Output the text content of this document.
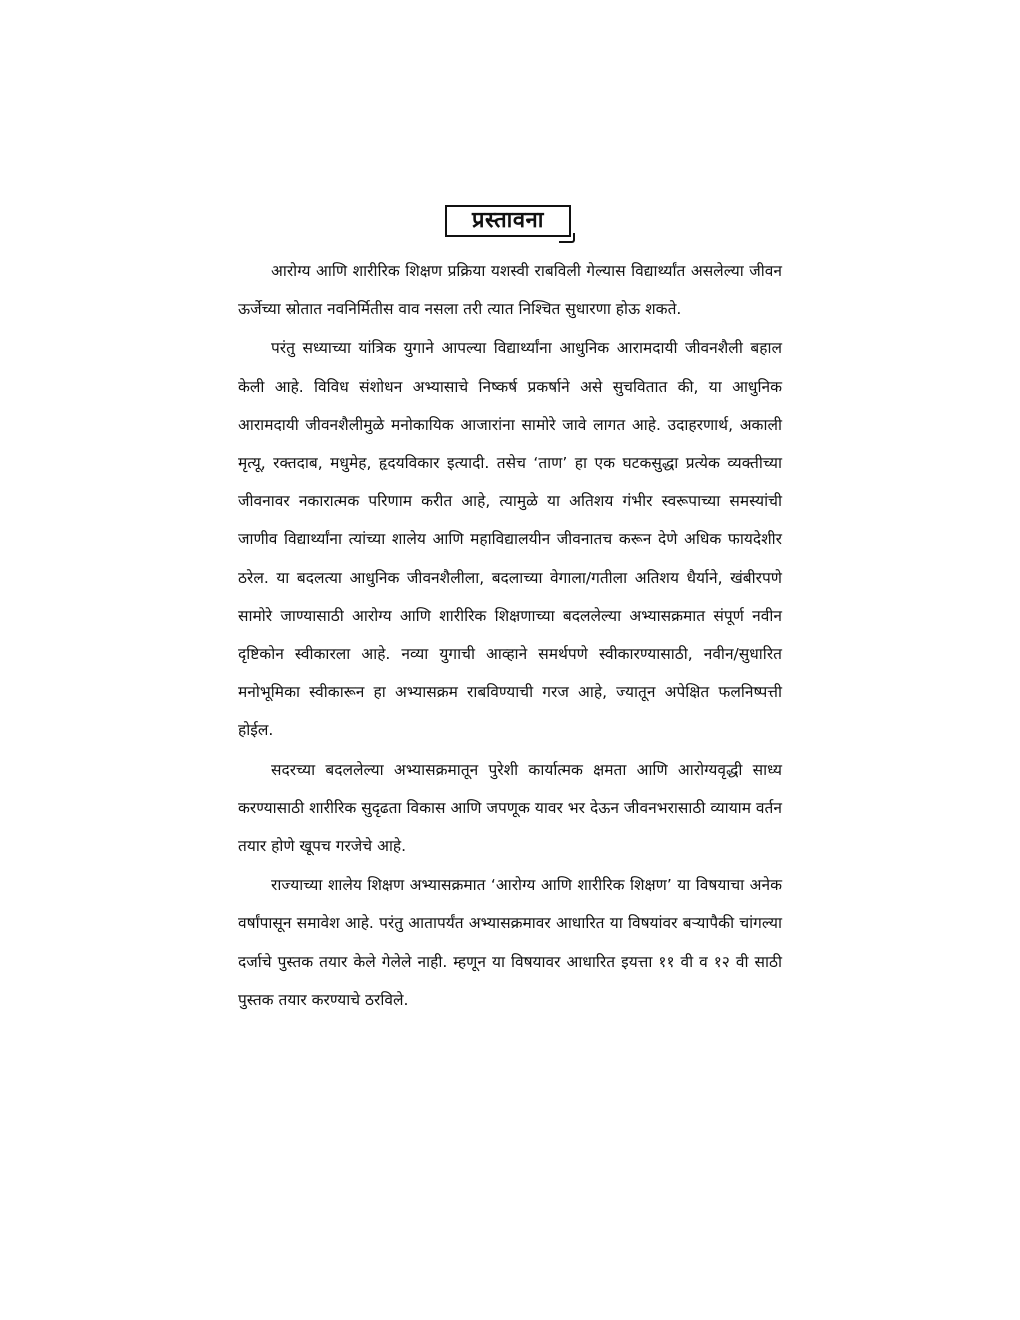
प्रस्तावना

आरोग्य आणि शारीरिक शिक्षण प्रक्रिया यशस्वी राबविली गेल्यास विद्यार्थ्यांत असलेल्या जीवन ऊर्जेच्या स्रोतात नवनिर्मितीस वाव नसला तरी त्यात निश्चित सुधारणा होऊ शकते.

परंतु सध्याच्या यांत्रिक युगाने आपल्या विद्यार्थ्यांना आधुनिक आरामदायी जीवनशैली बहाल केली आहे. विविध संशोधन अभ्यासाचे निष्कर्ष प्रकर्षाने असे सुचवितात की, या आधुनिक आरामदायी जीवनशैलीमुळे मनोकायिक आजारांना सामोरे जावे लागत आहे. उदाहरणार्थ, अकाली मृत्यू, रक्तदाब, मधुमेह, हृदयविकार इत्यादी. तसेच ‘ताण’ हा एक घटकसुद्धा प्रत्येक व्यक्तीच्या जीवनावर नकारात्मक परिणाम करीत आहे, त्यामुळे या अतिशय गंभीर स्वरूपाच्या समस्यांची जाणीव विद्यार्थ्यांना त्यांच्या शालेय आणि महाविद्यालयीन जीवनातच करून देणे अधिक फायदेशीर ठरेल. या बदलत्या आधुनिक जीवनशैलीला, बदलाच्या वेगाला/गतीला अतिशय धैर्याने, खंबीरपणे सामोरे जाण्यासाठी आरोग्य आणि शारीरिक शिक्षणाच्या बदललेल्या अभ्यासक्रमात संपूर्ण नवीन दृष्टिकोन स्वीकारला आहे. नव्या युगाची आव्हाने समर्थपणे स्वीकारण्यासाठी, नवीन/सुधारित मनोभूमिका स्वीकारून हा अभ्यासक्रम राबविण्याची गरज आहे, ज्यातून अपेक्षित फलनिष्पत्ती होईल.

सदरच्या बदललेल्या अभ्यासक्रमातून पुरेशी कार्यात्मक क्षमता आणि आरोग्यवृद्धी साध्य करण्यासाठी शारीरिक सुदृढता विकास आणि जपणूक यावर भर देऊन जीवनभरासाठी व्यायाम वर्तन तयार होणे खूपच गरजेचे आहे.

राज्याच्या शालेय शिक्षण अभ्यासक्रमात ‘आरोग्य आणि शारीरिक शिक्षण’ या विषयाचा अनेक वर्षांपासून समावेश आहे. परंतु आतापर्यंत अभ्यासक्रमावर आधारित या विषयांवर बऱ्यापैकी चांगल्या दर्जाचे पुस्तक तयार केले गेलेले नाही. म्हणून या विषयावर आधारित इयत्ता ११ वी व १२ वी साठी पुस्तक तयार करण्याचे ठरविले.
